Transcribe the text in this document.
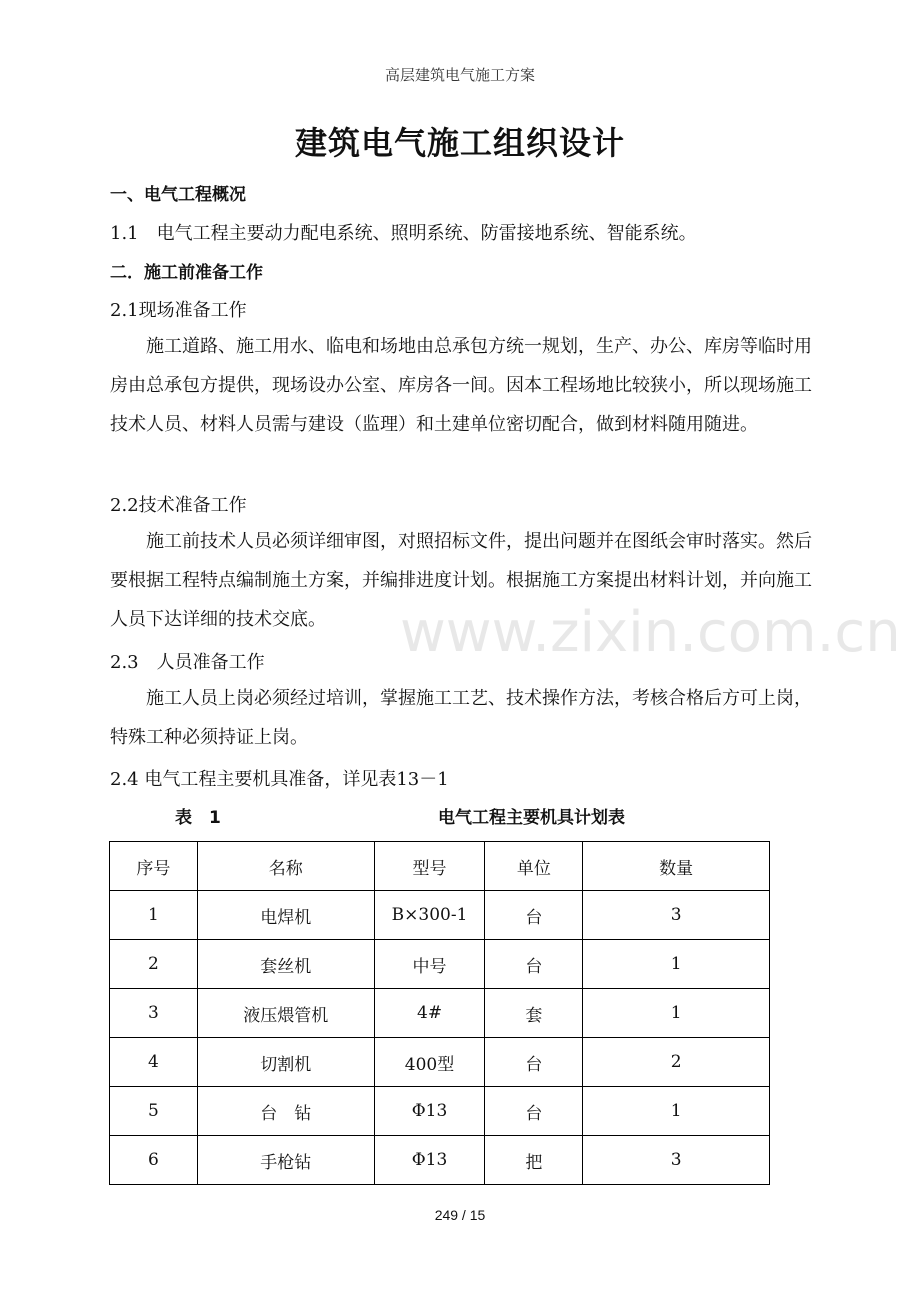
高层建筑电气施工方案
建筑电气施工组织设计
一、电气工程概况
1.1　电气工程主要动力配电系统、照明系统、防雷接地系统、智能系统。
二．施工前准备工作
2.1现场准备工作
施工道路、施工用水、临电和场地由总承包方统一规划，生产、办公、库房等临时用房由总承包方提供，现场设办公室、库房各一间。因本工程场地比较狭小，所以现场施工技术人员、材料人员需与建设（监理）和土建单位密切配合，做到材料随用随进。
2.2技术准备工作
施工前技术人员必须详细审图，对照招标文件，提出问题并在图纸会审时落实。然后要根据工程特点编制施土方案，并编排进度计划。根据施工方案提出材料计划，并向施工人员下达详细的技术交底。	www.zixin.com.cn
2.3　人员准备工作
施工人员上岗必须经过培训，掌握施工工艺、技术操作方法，考核合格后方可上岗，特殊工种必须持证上岗。
2.4 电气工程主要机具准备，详见表13－1
表　1	电气工程主要机具计划表
序号	名称	型号	单位	数量
1	电焊机	B×300-1	台	3
2	套丝机	中号	台	1
3	液压煨管机	4#	套	1
4	切割机	400型	台	2
5	台　钻	Φ13	台	1
6	手枪钻	Φ13	把	3
249 / 15
